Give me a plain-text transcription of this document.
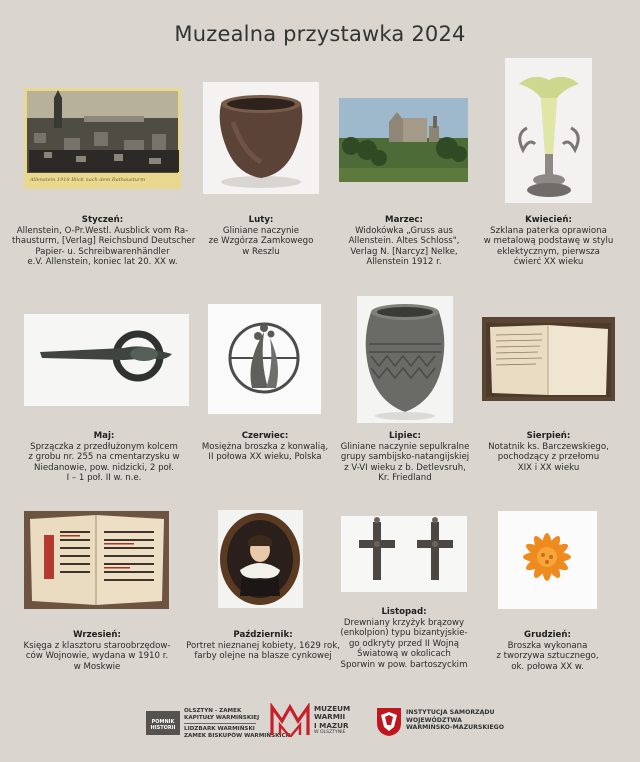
Muzealna przystawka 2024
Allenstein 1918 Blick nach dem Rathausturm
Styczeń:
Allenstein, O-Pr.Westl. Ausblick vom Ra-
thausturm, [Verlag] Reichsbund Deutscher
Papier- u. Schreibwarenhändler
e.V. Allenstein, koniec lat 20. XX w.
Luty:
Gliniane naczynie
ze Wzgórza Zamkowego
w Reszlu
Marzec:
Widokówka „Gruss aus
Allenstein. Altes Schloss",
Verlag N. [Narcyz] Nelke,
Allenstein 1912 r.
Kwiecień:
Szklana paterka oprawiona
w metalową podstawę w stylu
eklektycznym, pierwsza
ćwierć XX wieku
Maj:
Sprzączka z przedłużonym kolcem
z grobu nr. 255 na cmentarzysku w
Niedanowie, pow. nidzicki, 2 poł.
I – 1 poł. II w. n.e.
Czerwiec:
Mosiężna broszka z konwalią,
II połowa XX wieku, Polska
Lipiec:
Gliniane naczynie sepulkralne
grupy sambijsko-natangijskiej
z V-VI wieku z b. Detlevsruh,
Kr. Friedland
Sierpień:
Notatnik ks. Barczewskiego,
pochodzący z przełomu
XIX i XX wieku
Wrzesień:
Księga z klasztoru staroobrzędow-
ców Wojnowie, wydana w 1910 r.
w Moskwie
Październik:
Portret nieznanej kobiety, 1629 rok,
farby olejne na blasze cynkowej
Listopad:
Drewniany krzyżyk brązowy
(enkolpion) typu bizantyjskie-
go odkryty przed II Wojną
Światową w okolicach
Sporwin w pow. bartoszyckim
Grudzień:
Broszka wykonana
z tworzywa sztucznego,
ok. połowa XX w.
POMNIK
HISTORII
OLSZTYN - ZAMEK
KAPITUŁY WARMIŃSKIEJ
LIDZBARK WARMIŃSKI
ZAMEK BISKUPÓW WARMIŃSKICH
MUZEUM
WARMII
I MAZUR
W OLSZTYNIE
INSTYTUCJA SAMORZĄDU
WOJEWÓDZTWA
WARMIŃSKO-MAZURSKIEGO
